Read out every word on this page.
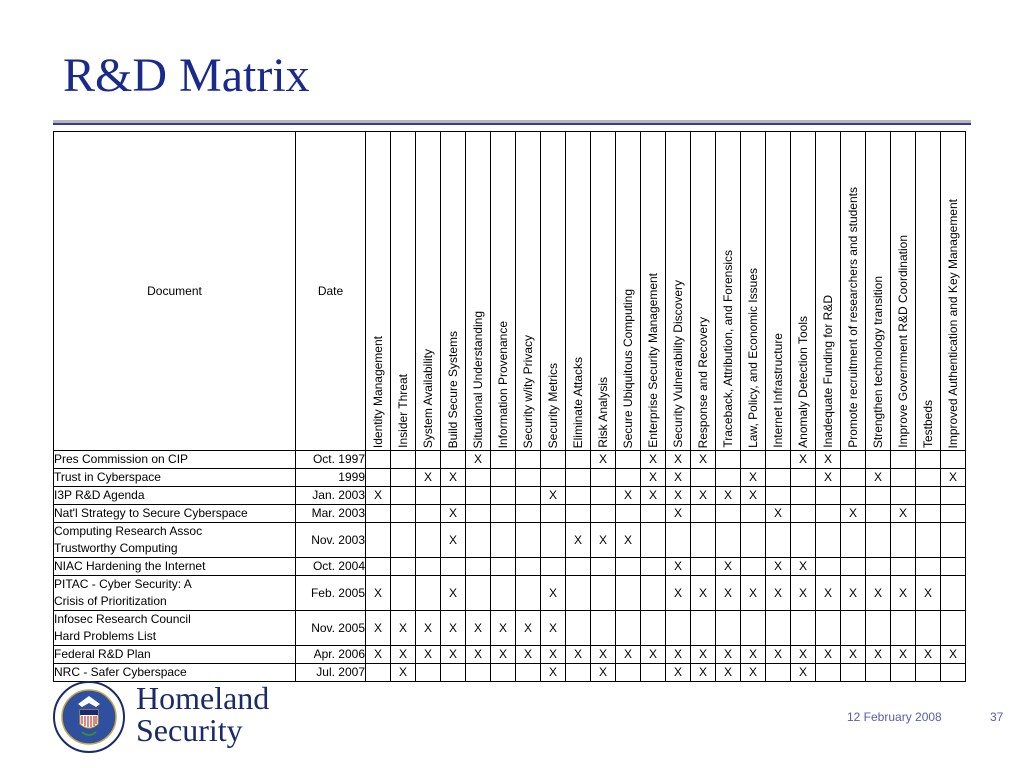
R&D Matrix
Document	Date	Identity Management	Insider Threat	System Availability	Build Secure Systems	Situational Understanding	Information Provenance	Security w/ity Privacy	Security Metrics	Eliminate Attacks	Risk Analysis	Secure Ubiquitous Computing	Enterprise Security Management	Security Vulnerability Discovery	Response and Recovery	Traceback, Attribution, and Forensics	Law, Policy, and Economic Issues	Internet Infrastructure	Anomaly Detection Tools	Inadequate Funding for R&D	Promote recruitment of researchers and students	Strengthen technology transition	Improve Government R&D Coordination	Testbeds	Improved Authentication and Key Management

Pres Commission on CIP	Oct. 1997					X					X		X	X	X				X	X					

Trust in Cyberspace	1999			X	X								X	X			X			X		X			X

I3P R&D Agenda	Jan. 2003	X							X			X	X	X	X	X	X								

Nat'l Strategy to Secure Cyberspace	Mar. 2003				X									X				X			X		X		

Computing Research Assoc
Trustworthy Computing	Nov. 2003				X					X	X	X													

NIAC Hardening the Internet	Oct. 2004													X		X		X	X						

PITAC - Cyber Security: A
Crisis of Prioritization	Feb. 2005	X			X				X					X	X	X	X	X	X	X	X	X	X	X	

Infosec Research Council
Hard Problems List	Nov. 2005	X	X	X	X	X	X	X	X																

Federal R&D Plan	Apr. 2006	X	X	X	X	X	X	X	X	X	X	X	X	X	X	X	X	X	X	X	X	X	X	X	X

NRC - Safer Cyberspace	Jul. 2007		X						X		X			X	X	X	X		X						
Homeland
Security	12 February 2008	37
